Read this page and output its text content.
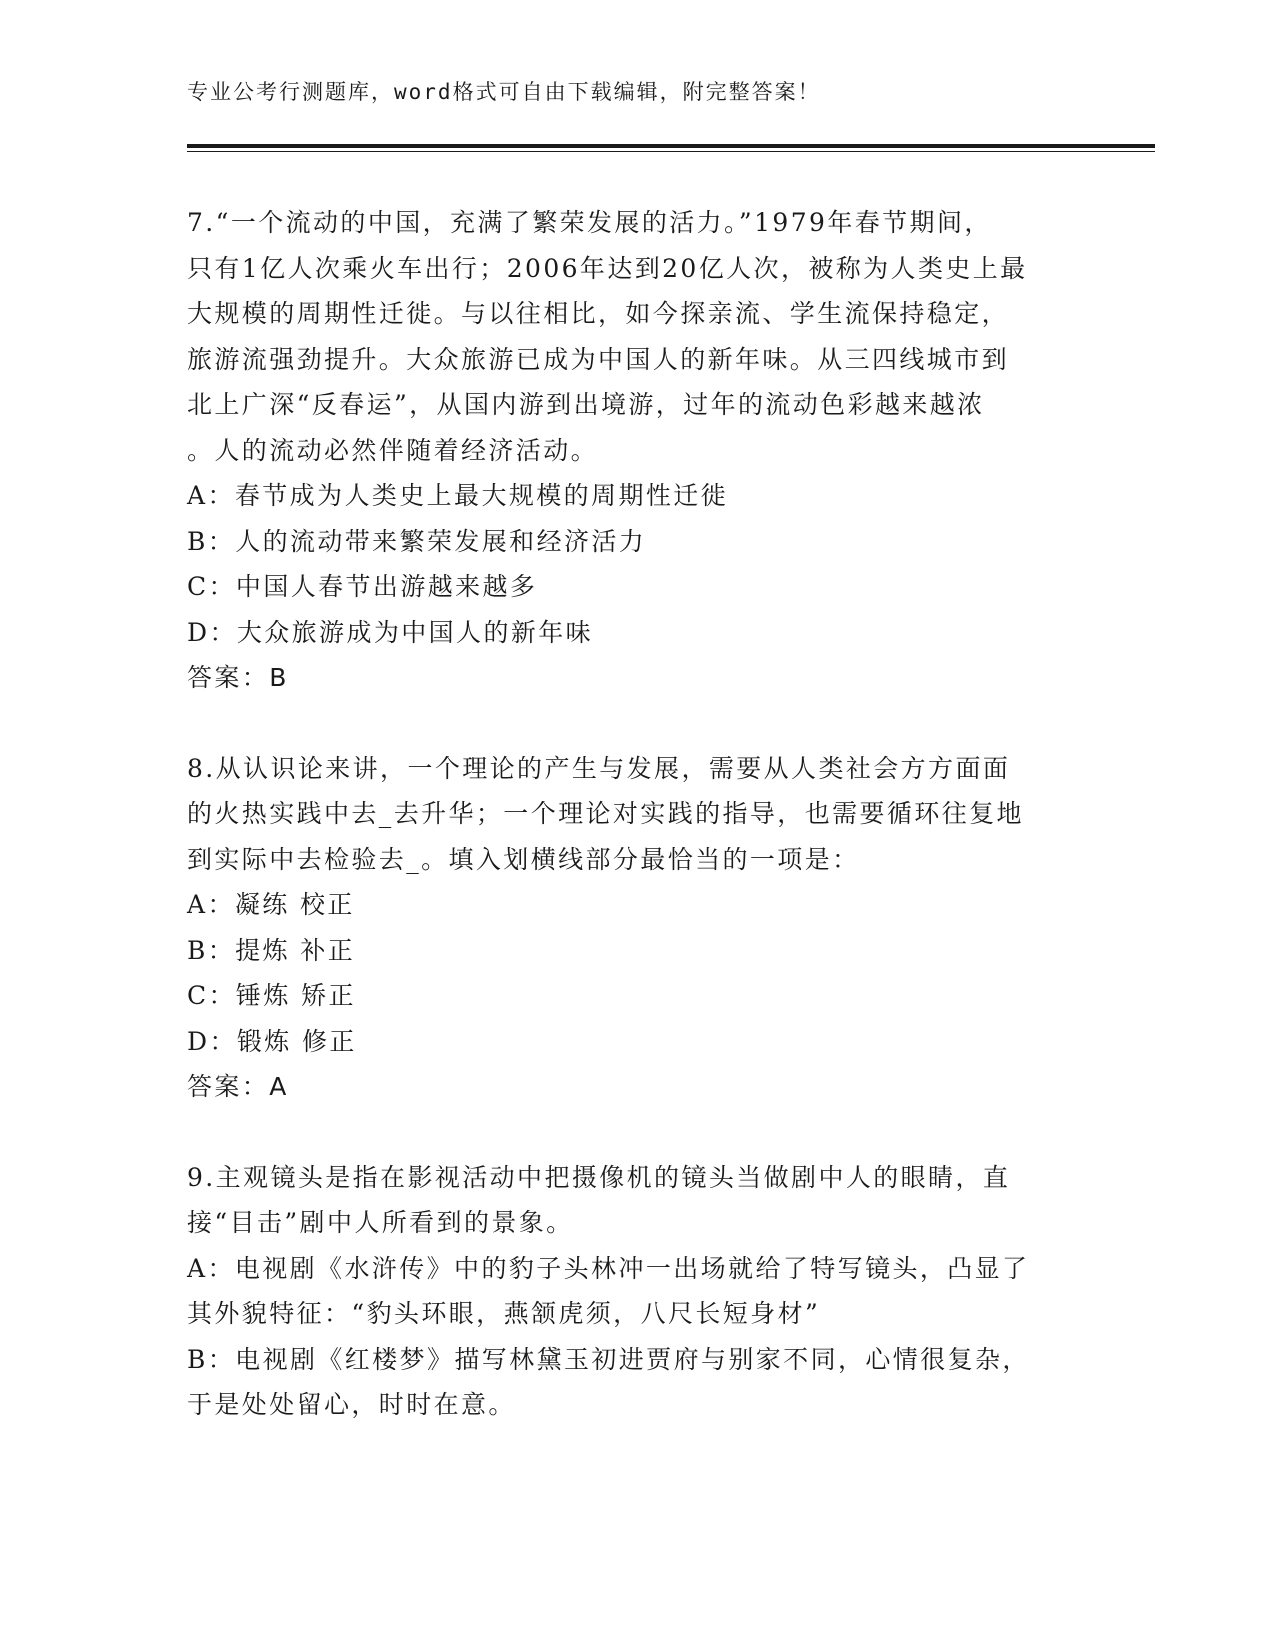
专业公考行测题库，word格式可自由下载编辑，附完整答案！

7.“一个流动的中国，充满了繁荣发展的活力。”1979年春节期间，

只有1亿人次乘火车出行；2006年达到20亿人次，被称为人类史上最

大规模的周期性迁徙。与以往相比，如今探亲流、学生流保持稳定，

旅游流强劲提升。大众旅游已成为中国人的新年味。从三四线城市到

北上广深“反春运”，从国内游到出境游，过年的流动色彩越来越浓

。人的流动必然伴随着经济活动。

A：春节成为人类史上最大规模的周期性迁徙

B：人的流动带来繁荣发展和经济活力

C：中国人春节出游越来越多

D：大众旅游成为中国人的新年味

答案：B

8.从认识论来讲，一个理论的产生与发展，需要从人类社会方方面面

的火热实践中去_去升华；一个理论对实践的指导，也需要循环往复地

到实际中去检验去_。填入划横线部分最恰当的一项是：

A：凝练 校正

B：提炼 补正

C：锤炼 矫正

D：锻炼 修正

答案：A

9.主观镜头是指在影视活动中把摄像机的镜头当做剧中人的眼睛，直

接“目击”剧中人所看到的景象。

A：电视剧《水浒传》中的豹子头林冲一出场就给了特写镜头，凸显了

其外貌特征：“豹头环眼，燕颔虎须，八尺长短身材”

B：电视剧《红楼梦》描写林黛玉初进贾府与别家不同，心情很复杂，

于是处处留心，时时在意。
